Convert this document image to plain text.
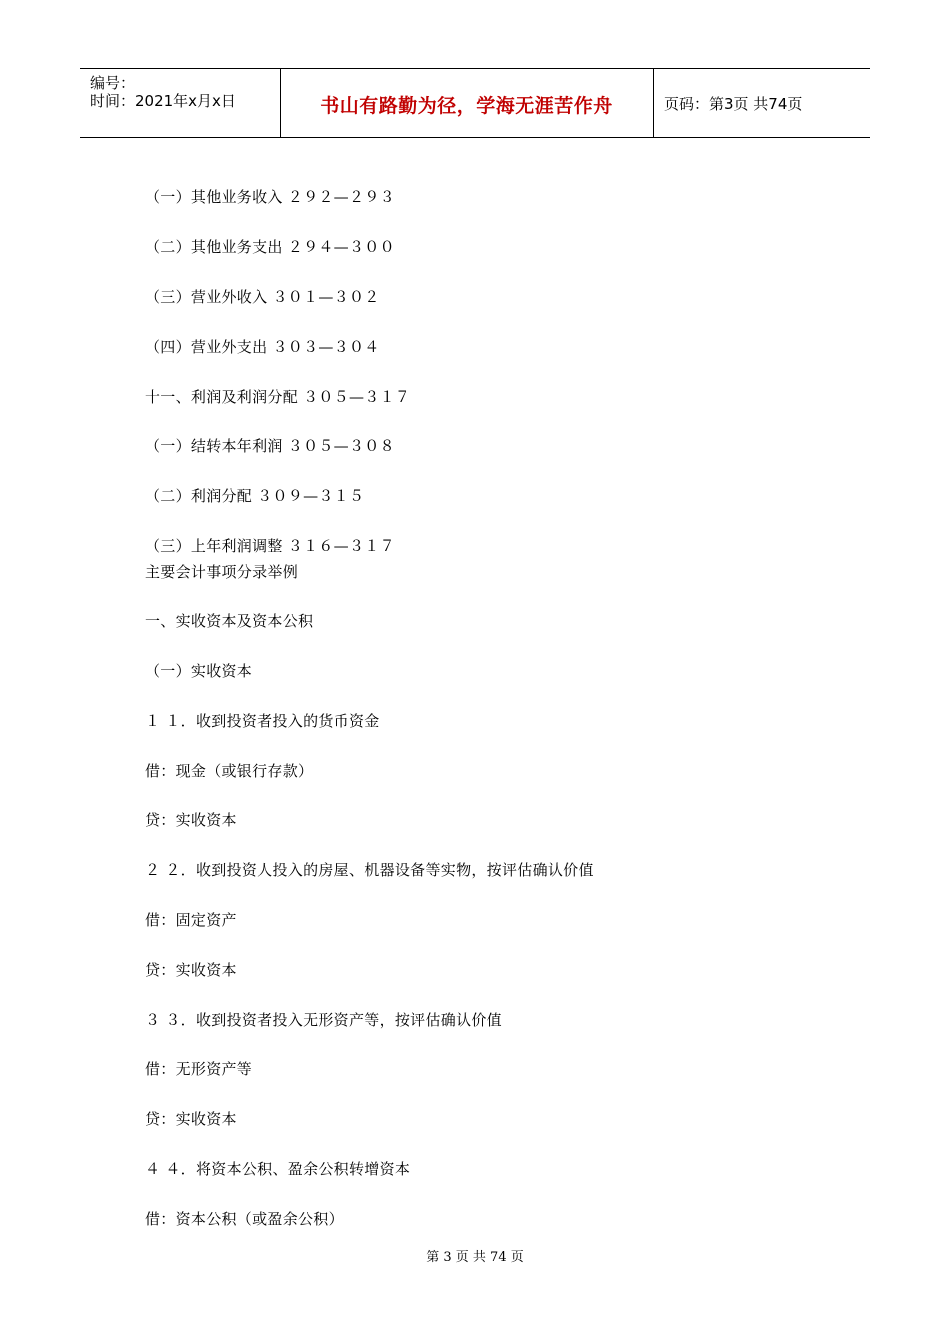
编号：
时间：2021年x月x日	书山有路勤为径，学海无涯苦作舟	页码：第3页 共74页
（一）其他业务收入 ２９２—２９３
（二）其他业务支出 ２９４—３００
（三）营业外收入 ３０１—３０２
（四）营业外支出 ３０３—３０４
十一、利润及利润分配 ３０５—３１７
（一）结转本年利润 ３０５—３０８
（二）利润分配 ３０９—３１５
（三）上年利润调整 ３１６—３１７
主要会计事项分录举例
一、实收资本及资本公积
（一）实收资本
１ １．收到投资者投入的货币资金
借：现金（或银行存款）
贷：实收资本
２ ２．收到投资人投入的房屋、机器设备等实物，按评估确认价值
借：固定资产
贷：实收资本
３ ３．收到投资者投入无形资产等，按评估确认价值
借：无形资产等
贷：实收资本
４ ４．将资本公积、盈余公积转增资本
借：资本公积（或盈余公积）
第 3 页 共 74 页
